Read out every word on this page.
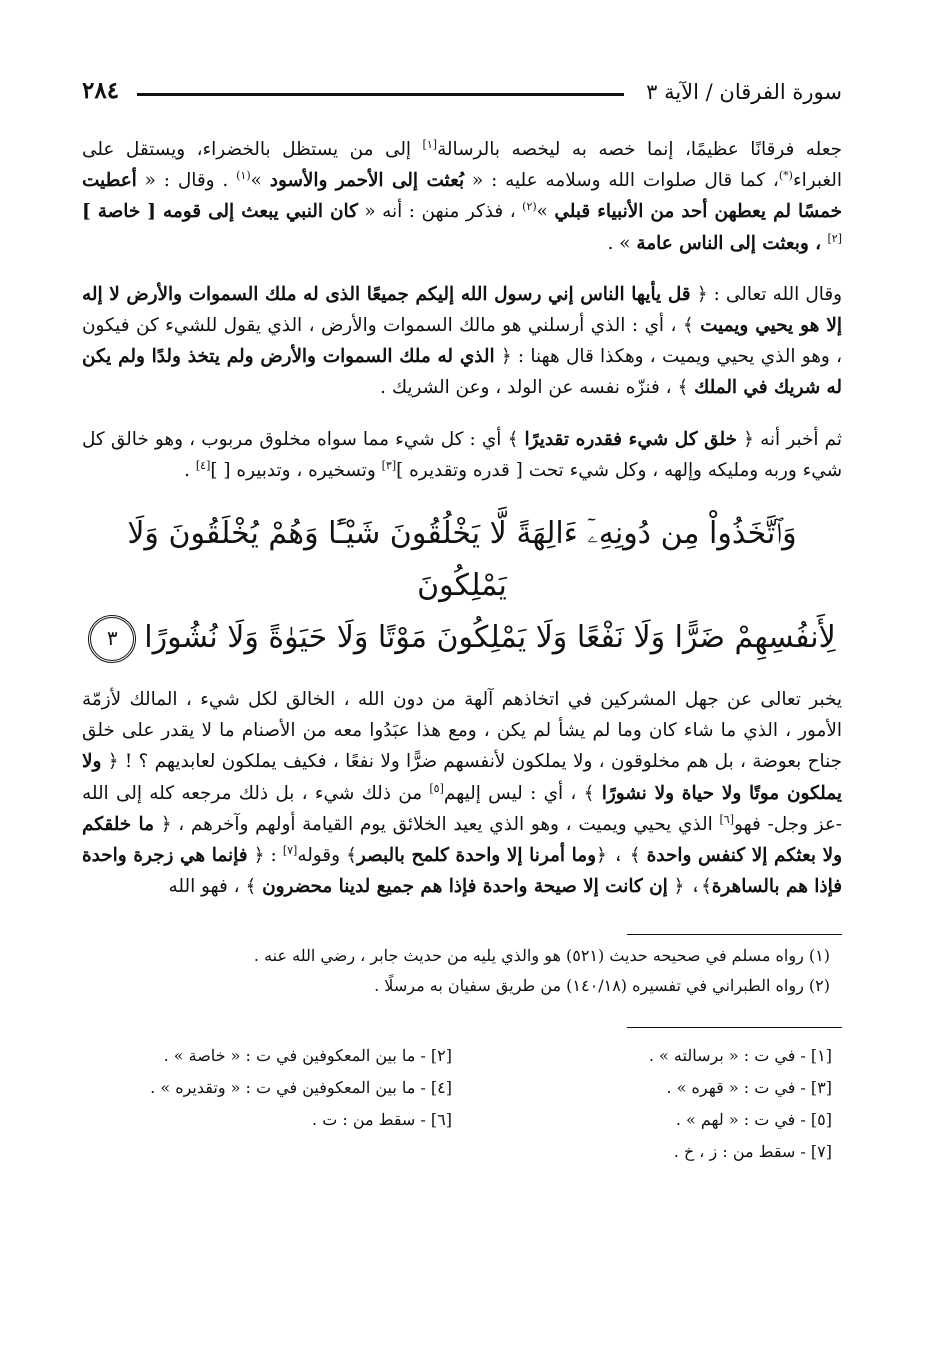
سورة الفرقان / الآية ٣
٢٨٤

جعله فرقانًا عظيمًا، إنما خصه به ليخصه بالرسالة[١] إلى من يستظل بالخضراء، ويستقل على الغبراء(*)، كما قال صلوات الله وسلامه عليه : « بُعثت إلى الأحمر والأسود »$^{(١)}$ . وقال : « أعطيت خمسًا لم يعطهن أحد من الأنبياء قبلي »$^{(٢)}$ ، فذكر منهن : أنه « كان النبي يبعث إلى قومه [ خاصة ][٢] ، وبعثت إلى الناس عامة » .

وقال الله تعالى : ﴿ قل يأيها الناس إني رسول الله إليكم جميعًا الذى له ملك السموات والأرض لا إله إلا هو يحيي ويميت ﴾ ، أي : الذي أرسلني هو مالك السموات والأرض ، الذي يقول للشيء كن فيكون ، وهو الذي يحيي ويميت ، وهكذا قال ههنا : ﴿ الذي له ملك السموات والأرض ولم يتخذ ولدًا ولم يكن له شريك في الملك ﴾ ، فنزّه نفسه عن الولد ، وعن الشريك .

ثم أخبر أنه ﴿ خلق كل شيء فقدره تقديرًا ﴾ أي : كل شيء مما سواه مخلوق مربوب ، وهو خالق كل شيء وربه ومليكه وإلهه ، وكل شيء تحت [ قدره وتقديره ][٣] وتسخيره ، وتدبيره [ ][٤] .

وَٱتَّخَذُواْ مِن دُونِهِۦٓ ءَالِهَةً لَّا يَخْلُقُونَ شَيْـًٔا وَهُمْ يُخْلَقُونَ وَلَا يَمْلِكُونَ
لِأَنفُسِهِمْ ضَرًّا وَلَا نَفْعًا وَلَا يَمْلِكُونَ مَوْتًا وَلَا حَيَوٰةً وَلَا نُشُورًا٣

يخبر تعالى عن جهل المشركين في اتخاذهم آلهة من دون الله ، الخالق لكل شيء ، المالك لأزمّة الأمور ، الذي ما شاء كان وما لم يشأ لم يكن ، ومع هذا عبَدُوا معه من الأصنام ما لا يقدر على خلق جناح بعوضة ، بل هم مخلوقون ، ولا يملكون لأنفسهم ضرًّا ولا نفعًا ، فكيف يملكون لعابديهم ؟ ! ﴿ ولا يملكون موتًا ولا حياة ولا نشورًا ﴾ ، أي : ليس إليهم[٥] من ذلك شيء ، بل ذلك مرجعه كله إلى الله -عز وجل- فهو[٦] الذي يحيي ويميت ، وهو الذي يعيد الخلائق يوم القيامة أولهم وآخرهم ، ﴿ ما خلقكم ولا بعثكم إلا كنفس واحدة ﴾ ، ﴿وما أمرنا إلا واحدة كلمح بالبصر﴾ وقوله[٧] : ﴿ فإنما هي زجرة واحدة فإذا هم بالساهرة﴾، ﴿ إن كانت إلا صيحة واحدة فإذا هم جميع لدينا محضرون ﴾ ، فهو الله

(١) رواه مسلم في صحيحه حديث (٥٢١) هو والذي يليه من حديث جابر ، رضي الله عنه .
(٢) رواه الطبراني في تفسيره (١٤٠/١٨) من طريق سفيان به مرسلًا .
[١] - في ت : « برسالته » .
[٣] - في ت : « قهره » .
[٥] - في ت : « لهم » .
[٧] - سقط من : ز ، خ .
[٢] - ما بين المعكوفين في ت : « خاصة » .
[٤] - ما بين المعكوفين في ت : « وتقديره » .
[٦] - سقط من : ت .
